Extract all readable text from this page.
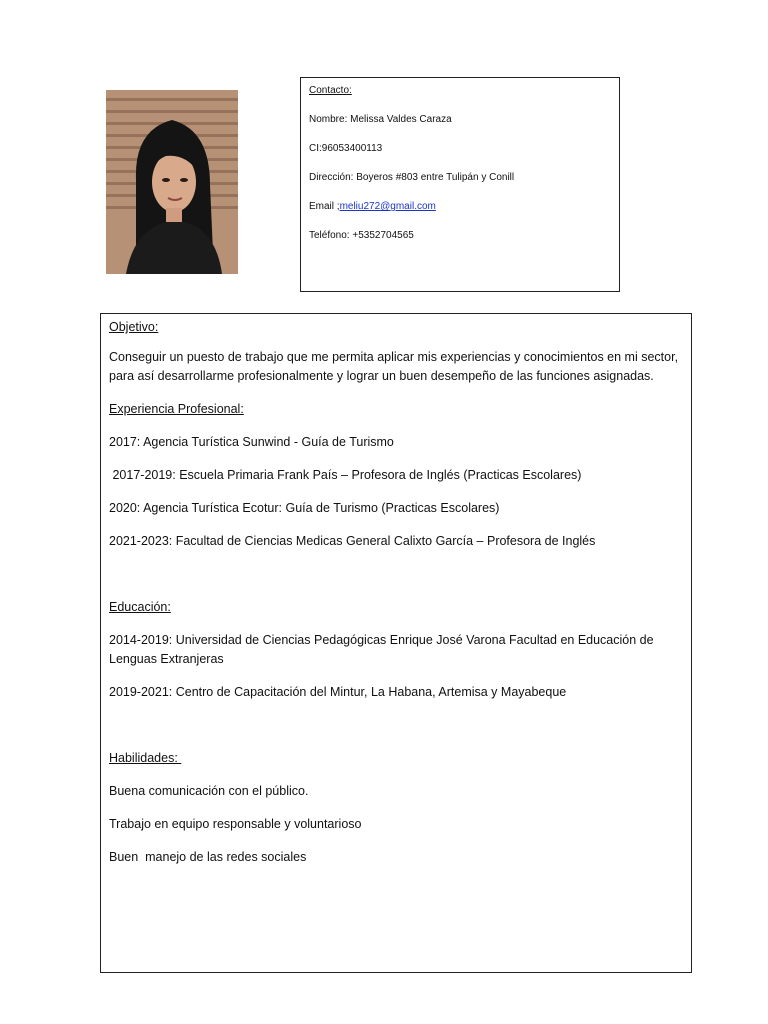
Contacto:

Nombre: Melissa Valdes Caraza

CI:96053400113

Dirección: Boyeros #803 entre Tulipán y Conill

Email ;meliu272@gmail.com

Teléfono: +5352704565

Objetivo:

Conseguir un puesto de trabajo que me permita aplicar mis experiencias y conocimientos en mi sector, para así desarrollarme profesionalmente y lograr un buen desempeño de las funciones asignadas.

Experiencia Profesional:

2017: Agencia Turística Sunwind - Guía de Turismo

2017-2019: Escuela Primaria Frank País – Profesora de Inglés (Practicas Escolares)

2020: Agencia Turística Ecotur: Guía de Turismo (Practicas Escolares)

2021-2023: Facultad de Ciencias Medicas General Calixto García – Profesora de Inglés

Educación:

2014-2019: Universidad de Ciencias Pedagógicas Enrique José Varona Facultad en Educación de Lenguas Extranjeras

2019-2021: Centro de Capacitación del Mintur, La Habana, Artemisa y Mayabeque

Habilidades:

Buena comunicación con el público.

Trabajo en equipo responsable y voluntarioso

Buen  manejo de las redes sociales
